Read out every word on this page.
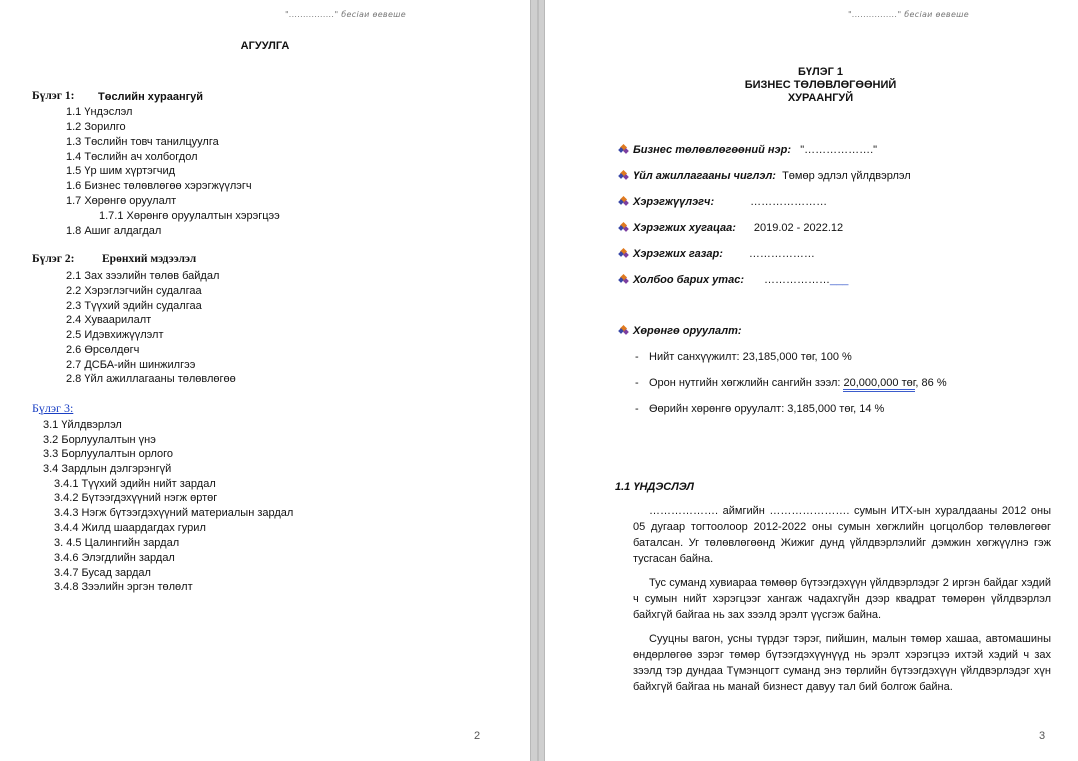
"................" бесіаи өевеше
АГУУЛГА
Бүлэг 1: Төслийн хураангуй
1.1 Үндэслэл
1.2 Зорилго
1.3 Төслийн товч танилцуулга
1.4 Төслийн ач холбогдол
1.5 Үр шим хүртэгчид
1.6 Бизнес төлөвлөгөө хэрэгжүүлэгч
1.7 Хөрөнгө оруулалт
1.7.1 Хөрөнгө оруулалтын хэрэгцээ
1.8 Ашиг алдагдал
Бүлэг 2: Ерөнхий мэдээлэл
2.1 Зах зээлийн төлөв байдал
2.2 Хэрэглэгчийн судалгаа
2.3 Түүхий эдийн судалгаа
2.4 Хуваарилалт
2.5 Идэвхижүүлэлт
2.6 Өрсөлдөгч
2.7 ДСБА-ийн шинжилгээ
2.8 Үйл ажиллагааны төлөвлөгөө
Бүлэг 3:
3.1 Үйлдвэрлэл
3.2 Борлуулалтын үнэ
3.3 Борлуулалтын орлого
3.4 Зардлын дэлгэрэнгүй
3.4.1 Түүхий эдийн нийт зардал
3.4.2 Бүтээгдэхүүний нэгж өртөг
3.4.3 Нэгж бүтээгдэхүүний материалын зардал
3.4.4 Жилд шаардагдах гурил
3. 4.5 Цалингийн зардал
3.4.6 Элэгдлийн зардал
3.4.7 Бусад зардал
3.4.8 Зээлийн эргэн төлөлт
2
"................" бесіаи өевеше
БҮЛЭГ 1
БИЗНЕС ТӨЛӨВЛӨГӨӨНИЙ
ХУРААНГУЙ
Бизнес төлөвлөгөөний нэр: "………………."
Үйл ажиллагааны чиглэл: Төмөр эдлэл үйлдвэрлэл
Хэрэгжүүлэгч:	…………………
Хэрэгжих хугацаа: 2019.02 - 2022.12
Хэрэгжих газар: ………………
Холбоо барих утас: ………………___
Хөрөнгө оруулалт:
- Нийт санхүүжилт: 23,185,000 төг, 100 %
- Орон нутгийн хөгжлийн сангийн зээл: 20,000,000 төг, 86 %
- Өөрийн хөрөнгө оруулалт: 3,185,000 төг, 14 %
1.1 ҮНДЭСЛЭЛ
………………. аймгийн …………………. сумын ИТХ-ын хуралдааны 2012 оны 05 дугаар тогтоолоор 2012-2022 оны сумын хөгжлийн цогцолбор төлөвлөгөөг баталсан. Уг төлөвлөгөөнд Жижиг дунд үйлдвэрлэлийг дэмжин хөгжүүлнэ гэж тусгасан байна.
Тус суманд хувиараа төмөөр бүтээгдэхүүн үйлдвэрлэдэг 2 иргэн байдаг хэдий ч сумын нийт хэрэгцээг хангаж чадахгүйн дээр квадрат төмөрөн үйлдвэрлэл байхгүй байгаа нь зах зээлд эрэлт үүсгэж байна.
Сууцны вагон, усны түрдэг тэрэг, пийшин, малын төмөр хашаа, автомашины өндөрлөгөө зэрэг төмөр бүтээгдэхүүнүүд нь эрэлт хэрэгцээ ихтэй хэдий ч зах зээлд тэр дундаа Түмэнцогт суманд энэ төрлийн бүтээгдэхүүн үйлдвэрлэдэг хүн байхгүй байгаа нь манай бизнест давуу тал бий болгож байна.
3
